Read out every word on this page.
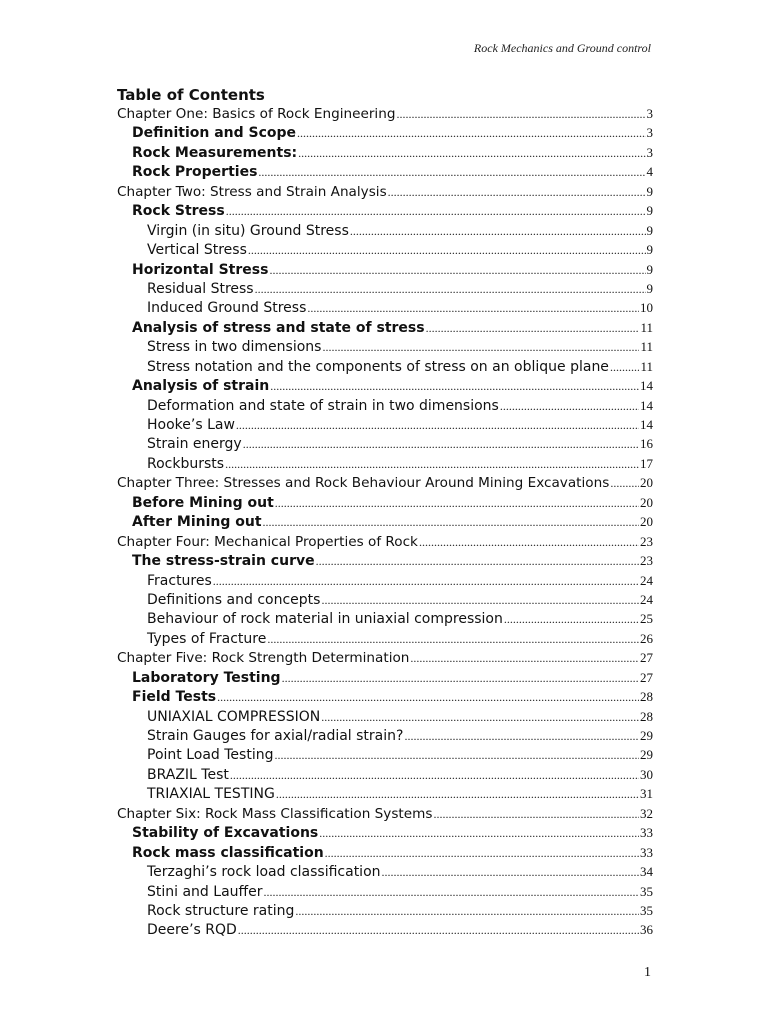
Rock Mechanics and Ground control
Table of Contents
Chapter One: Basics of Rock Engineering .....	3
Definition and Scope .....	3
Rock Measurements: .....	3
Rock Properties .....	4
Chapter Two: Stress and Strain Analysis .....	9
Rock Stress .....	9
Virgin (in situ) Ground Stress .....	9
Vertical Stress .....	9
Horizontal Stress .....	9
Residual Stress .....	9
Induced Ground Stress .....	10
Analysis of stress and state of stress .....	11
Stress in two dimensions .....	11
Stress notation and the components of stress on an oblique plane ..... 11
Analysis of strain .....	14
Deformation and state of strain in two dimensions .....	14
Hooke’s Law .....	14
Strain energy .....	16
Rockbursts .....	17
Chapter Three: Stresses and Rock Behaviour Around Mining Excavations ..... 20
Before Mining out .....	20
After Mining out .....	20
Chapter Four: Mechanical Properties of Rock .....	23
The stress-strain curve .....	23
Fractures .....	24
Definitions and concepts .....	24
Behaviour of rock material in uniaxial compression .....	25
Types of Fracture .....	26
Chapter Five: Rock Strength Determination .....	27
Laboratory Testing .....	27
Field Tests .....	28
UNIAXIAL COMPRESSION .....	28
Strain Gauges for axial/radial strain? .....	29
Point Load Testing .....	29
BRAZIL Test .....	30
TRIAXIAL TESTING .....	31
Chapter Six: Rock Mass Classification Systems .....	32
Stability of Excavations .....	33
Rock mass classification .....	33
Terzaghi’s rock load classification .....	34
Stini and Lauffer .....	35
Rock structure rating .....	35
Deere’s RQD .....	36
1
